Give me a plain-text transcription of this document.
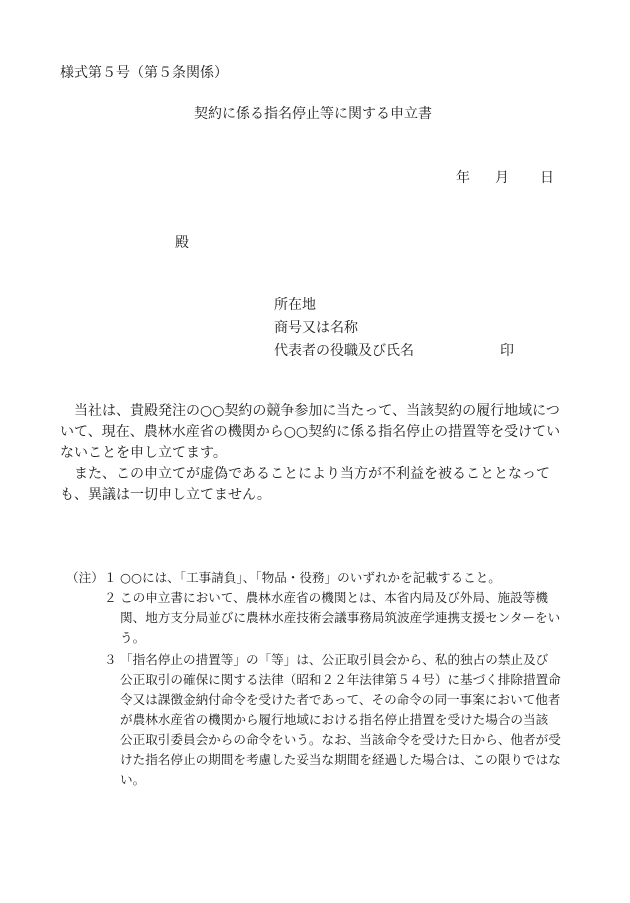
様式第５号（第５条関係）
契約に係る指名停止等に関する申立書
年 月 日
殿
所在地
商号又は名称
代表者の役職及び氏名	印

　当社は、貴殿発注の○○契約の競争参加に当たって、当該契約の履行地域につ
いて、現在、農林水産省の機関から○○契約に係る指名停止の措置等を受けてい
ないことを申し立てます。

　また、この申立てが虚偽であることにより当方が不利益を被ることとなって
も、異議は一切申し立てません。

（注） １ ○○には、「工事請負」、「物品・役務」のいずれかを記載すること。
２ この申立書において、農林水産省の機関とは、本省内局及び外局、施設等機
関、地方支分局並びに農林水産技術会議事務局筑波産学連携支援センターをい
う。
３ 「指名停止の措置等」の「等」は、公正取引員会から、私的独占の禁止及び
公正取引の確保に関する法律（昭和２２年法律第５４号）に基づく排除措置命
令又は課徴金納付命令を受けた者であって、その命令の同一事案において他者
が農林水産省の機関から履行地域における指名停止措置を受けた場合の当該
公正取引委員会からの命令をいう。なお、当該命令を受けた日から、他者が受
けた指名停止の期間を考慮した妥当な期間を経過した場合は、この限りではな
い。
